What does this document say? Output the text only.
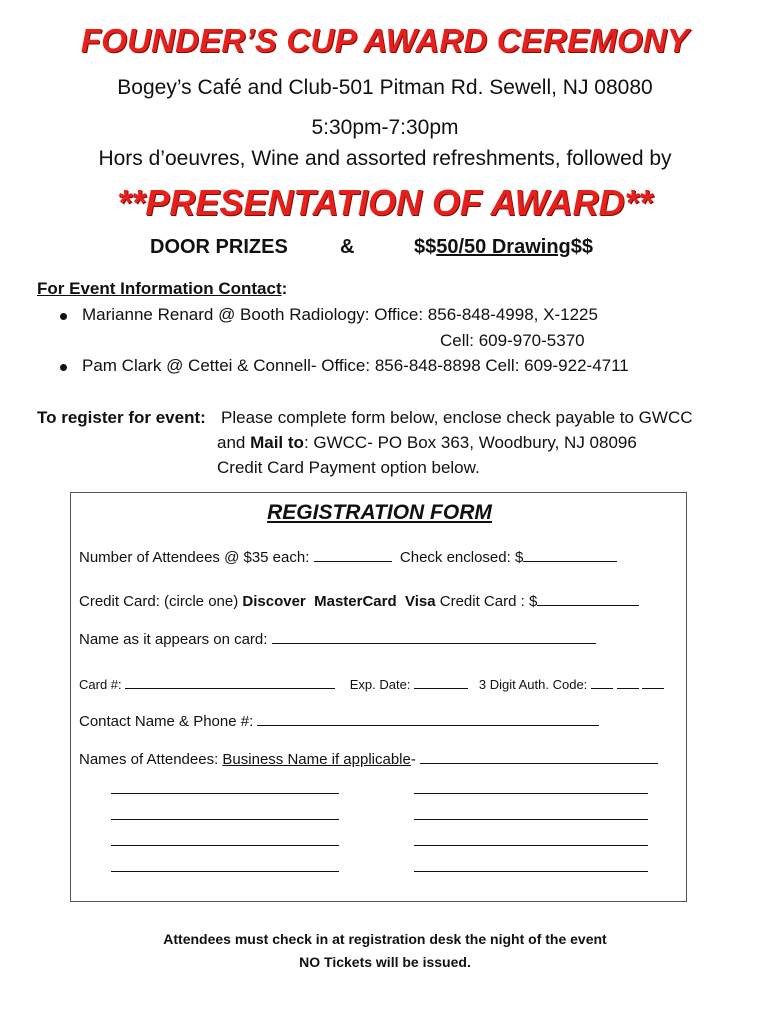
FOUNDER’S CUP AWARD CEREMONY
Bogey’s Café and Club-501 Pitman Rd. Sewell, NJ 08080
5:30pm-7:30pm
Hors d’oeuvres, Wine and assorted refreshments, followed by
**PRESENTATION OF AWARD**
DOOR PRIZES	&	$$50/50 Drawing$$
For Event Information Contact:
Marianne Renard @ Booth Radiology: Office: 856-848-4998, X-1225
Cell: 609-970-5370
Pam Clark @ Cettei & Connell- Office: 856-848-8898 Cell: 609-922-4711
To register for event: Please complete form below, enclose check payable to GWCC
and Mail to: GWCC- PO Box 363, Woodbury, NJ 08096
Credit Card Payment option below.
REGISTRATION FORM
Number of Attendees @ $35 each:	Check enclosed: $
Credit Card: (circle one) Discover MasterCard Visa Credit Card : $
Name as it appears on card:
Card #:	Exp. Date:	3 Digit Auth. Code:
Contact Name & Phone #:
Names of Attendees: Business Name if applicable-
Attendees must check in at registration desk the night of the event
NO Tickets will be issued.
